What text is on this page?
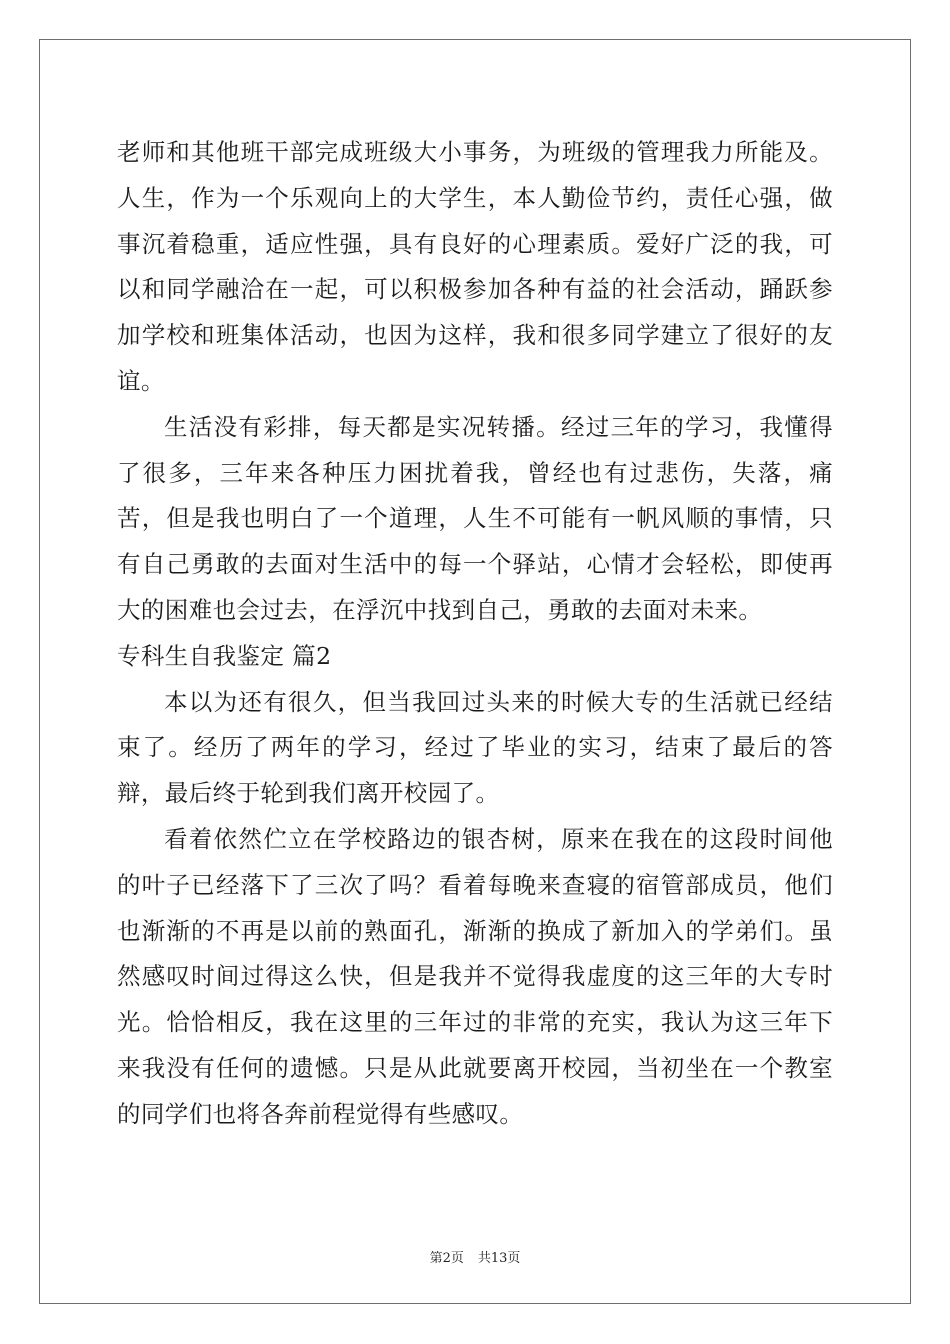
老师和其他班干部完成班级大小事务，为班级的管理我力所能及。人生，作为一个乐观向上的大学生，本人勤俭节约，责任心强，做事沉着稳重，适应性强，具有良好的心理素质。爱好广泛的我，可以和同学融洽在一起，可以积极参加各种有益的社会活动，踊跃参加学校和班集体活动，也因为这样，我和很多同学建立了很好的友谊。

生活没有彩排，每天都是实况转播。经过三年的学习，我懂得了很多，三年来各种压力困扰着我，曾经也有过悲伤，失落，痛苦，但是我也明白了一个道理，人生不可能有一帆风顺的事情，只有自己勇敢的去面对生活中的每一个驿站，心情才会轻松，即使再大的困难也会过去，在浮沉中找到自己，勇敢的去面对未来。

专科生自我鉴定 篇2

本以为还有很久，但当我回过头来的时候大专的生活就已经结束了。经历了两年的学习，经过了毕业的实习，结束了最后的答辩，最后终于轮到我们离开校园了。

看着依然伫立在学校路边的银杏树，原来在我在的这段时间他的叶子已经落下了三次了吗？看着每晚来查寝的宿管部成员，他们也渐渐的不再是以前的熟面孔，渐渐的换成了新加入的学弟们。虽然感叹时间过得这么快，但是我并不觉得我虚度的这三年的大专时光。恰恰相反，我在这里的三年过的非常的充实，我认为这三年下来我没有任何的遗憾。只是从此就要离开校园，当初坐在一个教室的同学们也将各奔前程觉得有些感叹。

第2页 共13页
